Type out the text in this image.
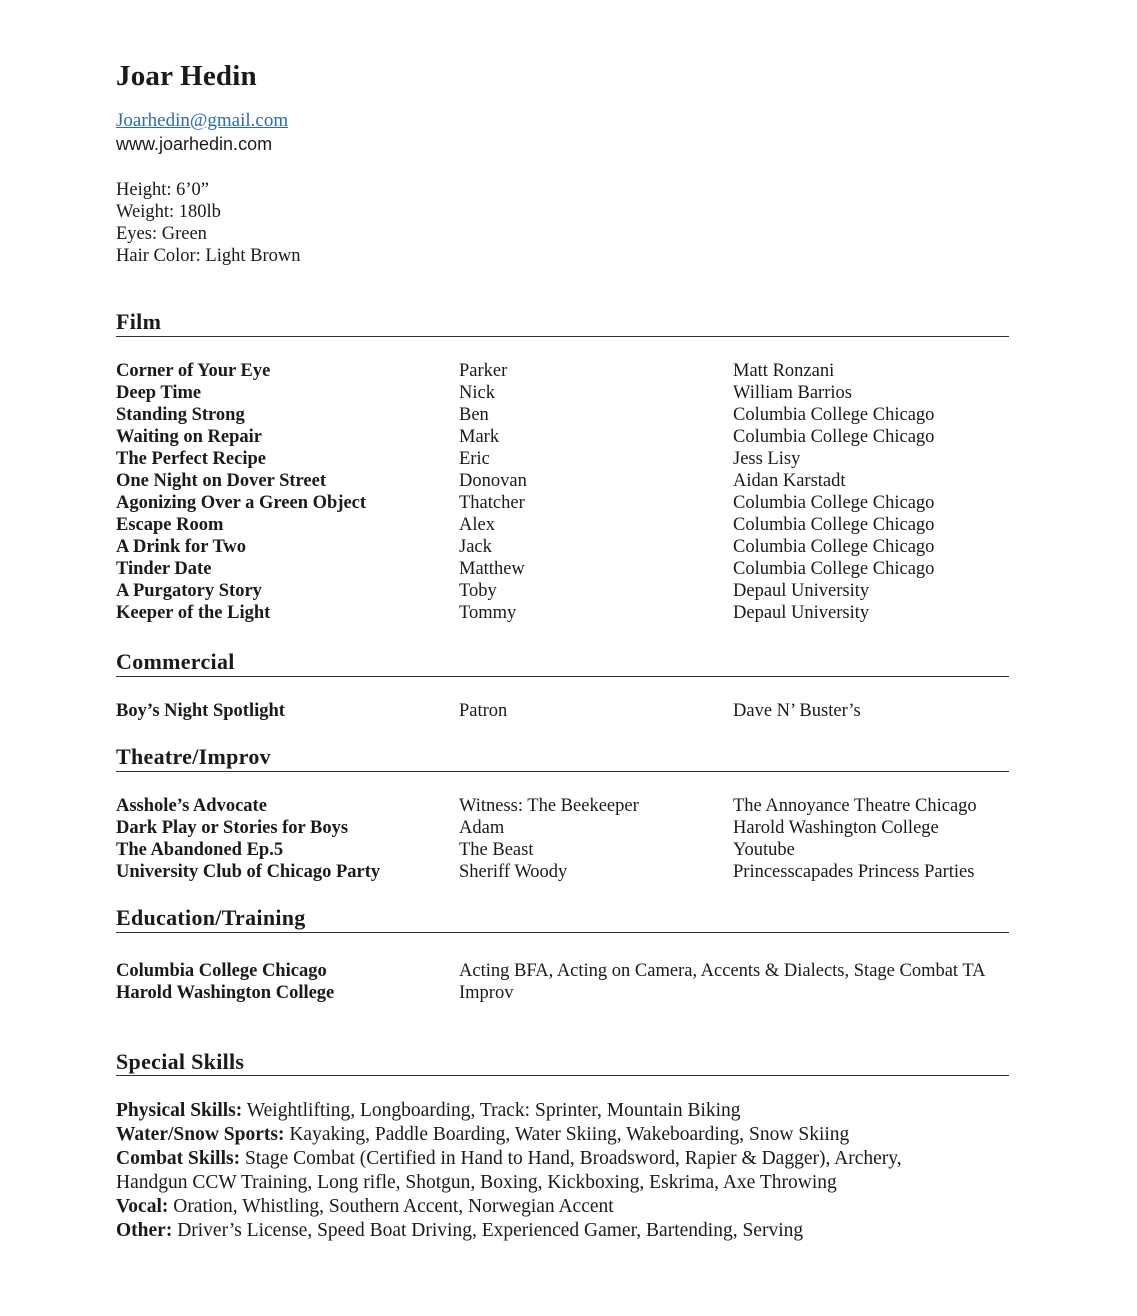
Joar Hedin
Joarhedin@gmail.com
www.joarhedin.com
Height: 6’0”
Weight: 180lb
Eyes: Green
Hair Color: Light Brown
Film
Corner of Your Eye	Parker	Matt Ronzani
Deep Time	Nick	William Barrios
Standing Strong	Ben	Columbia College Chicago
Waiting on Repair	Mark	Columbia College Chicago
The Perfect Recipe	Eric	Jess Lisy
One Night on Dover Street	Donovan	Aidan Karstadt
Agonizing Over a Green Object	Thatcher	Columbia College Chicago
Escape Room	Alex	Columbia College Chicago
A Drink for Two	Jack	Columbia College Chicago
Tinder Date	Matthew	Columbia College Chicago
A Purgatory Story	Toby	Depaul University
Keeper of the Light	Tommy	Depaul University
Commercial
Boy’s Night Spotlight	Patron	Dave N’ Buster’s
Theatre/Improv
Asshole’s Advocate	Witness: The Beekeeper	The Annoyance Theatre Chicago
Dark Play or Stories for Boys	Adam	Harold Washington College
The Abandoned Ep.5	The Beast	Youtube
University Club of Chicago Party	Sheriff Woody	Princesscapades Princess Parties
Education/Training
Columbia College Chicago	Acting BFA, Acting on Camera, Accents & Dialects, Stage Combat TA
Harold Washington College	Improv
Special Skills
Physical Skills: Weightlifting, Longboarding, Track: Sprinter, Mountain Biking
Water/Snow Sports: Kayaking, Paddle Boarding, Water Skiing, Wakeboarding, Snow Skiing
Combat Skills: Stage Combat (Certified in Hand to Hand, Broadsword, Rapier & Dagger), Archery,
Handgun CCW Training, Long rifle, Shotgun, Boxing, Kickboxing, Eskrima, Axe Throwing
Vocal: Oration, Whistling, Southern Accent, Norwegian Accent
Other: Driver’s License, Speed Boat Driving, Experienced Gamer, Bartending, Serving
